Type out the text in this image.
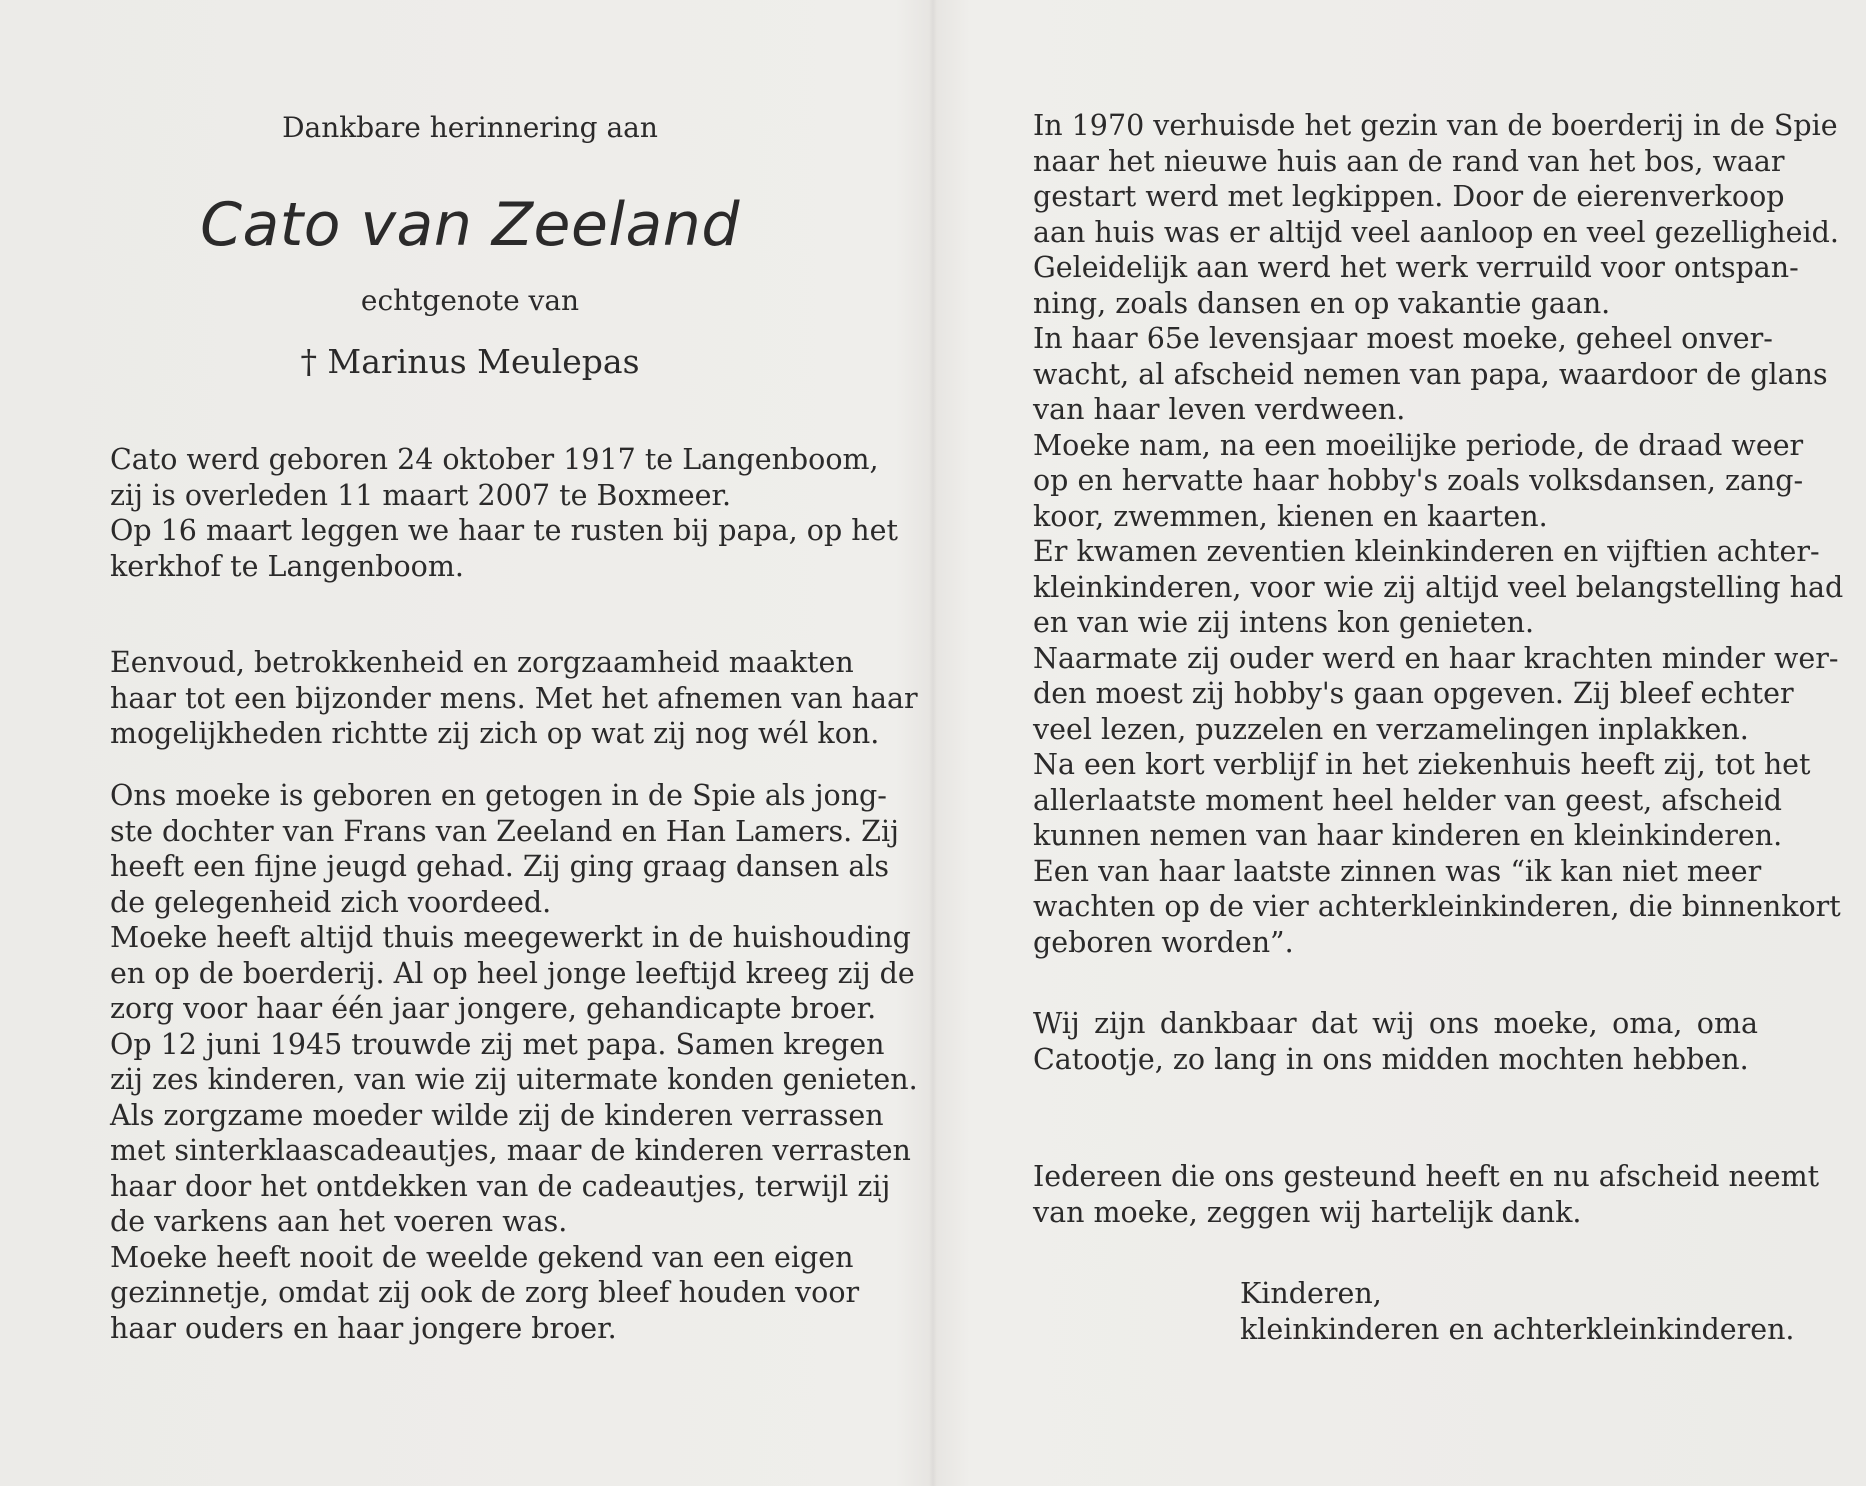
Dankbare herinnering aan
Cato van Zeeland
echtgenote van
† Marinus Meulepas
Cato werd geboren 24 oktober 1917 te Langenboom,
zij is overleden 11 maart 2007 te Boxmeer.
Op 16 maart leggen we haar te rusten bij papa, op het
kerkhof te Langenboom.
Eenvoud, betrokkenheid en zorgzaamheid maakten
haar tot een bijzonder mens. Met het afnemen van haar
mogelijkheden richtte zij zich op wat zij nog wél kon.
Ons moeke is geboren en getogen in de Spie als jong-
ste dochter van Frans van Zeeland en Han Lamers. Zij
heeft een fijne jeugd gehad. Zij ging graag dansen als
de gelegenheid zich voordeed.
Moeke heeft altijd thuis meegewerkt in de huishouding
en op de boerderij. Al op heel jonge leeftijd kreeg zij de
zorg voor haar één jaar jongere, gehandicapte broer.
Op 12 juni 1945 trouwde zij met papa. Samen kregen
zij zes kinderen, van wie zij uitermate konden genieten.
Als zorgzame moeder wilde zij de kinderen verrassen
met sinterklaascadeautjes, maar de kinderen verrasten
haar door het ontdekken van de cadeautjes, terwijl zij
de varkens aan het voeren was.
Moeke heeft nooit de weelde gekend van een eigen
gezinnetje, omdat zij ook de zorg bleef houden voor
haar ouders en haar jongere broer.
In 1970 verhuisde het gezin van de boerderij in de Spie
naar het nieuwe huis aan de rand van het bos, waar
gestart werd met legkippen. Door de eierenverkoop
aan huis was er altijd veel aanloop en veel gezelligheid.
Geleidelijk aan werd het werk verruild voor ontspan-
ning, zoals dansen en op vakantie gaan.
In haar 65e levensjaar moest moeke, geheel onver-
wacht, al afscheid nemen van papa, waardoor de glans
van haar leven verdween.
Moeke nam, na een moeilijke periode, de draad weer
op en hervatte haar hobby's zoals volksdansen, zang-
koor, zwemmen, kienen en kaarten.
Er kwamen zeventien kleinkinderen en vijftien achter-
kleinkinderen, voor wie zij altijd veel belangstelling had
en van wie zij intens kon genieten.
Naarmate zij ouder werd en haar krachten minder wer-
den moest zij hobby's gaan opgeven. Zij bleef echter
veel lezen, puzzelen en verzamelingen inplakken.
Na een kort verblijf in het ziekenhuis heeft zij, tot het
allerlaatste moment heel helder van geest, afscheid
kunnen nemen van haar kinderen en kleinkinderen.
Een van haar laatste zinnen was “ik kan niet meer
wachten op de vier achterkleinkinderen, die binnenkort
geboren worden”.
Wij zijn dankbaar dat wij ons moeke, oma, oma
Catootje, zo lang in ons midden mochten hebben.
Iedereen die ons gesteund heeft en nu afscheid neemt
van moeke, zeggen wij hartelijk dank.
Kinderen,
kleinkinderen en achterkleinkinderen.
